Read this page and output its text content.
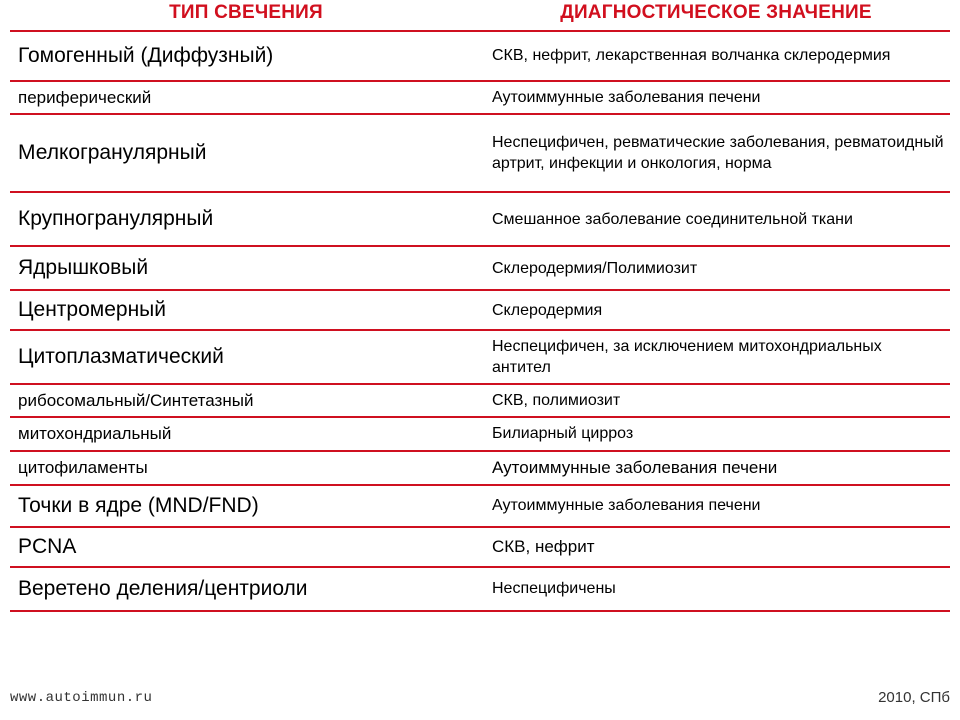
ТИП СВЕЧЕНИЯ	ДИАГНОСТИЧЕСКОЕ ЗНАЧЕНИЕ
Гомогенный (Диффузный)	СКВ, нефрит, лекарственная волчанка склеродермия
периферический	Аутоиммунные заболевания печени
Мелкогранулярный	Неспецифичен, ревматические заболевания, ревматоидный артрит, инфекции и онкология, норма
Крупногранулярный	Смешанное заболевание соединительной ткани
Ядрышковый	Склеродермия/Полимиозит
Центромерный	Склеродермия
Цитоплазматический	Неспецифичен, за исключением митохондриальных антител
рибосомальный/Синтетазный	СКВ, полимиозит
митохондриальный	Билиарный цирроз
цитофиламенты	Аутоиммунные заболевания печени
Точки в ядре (MND/FND)	Аутоиммунные заболевания печени
PCNA	СКВ, нефрит
Веретено деления/центриоли	Неспецифичены
www.autoimmun.ru	2010, СПб
